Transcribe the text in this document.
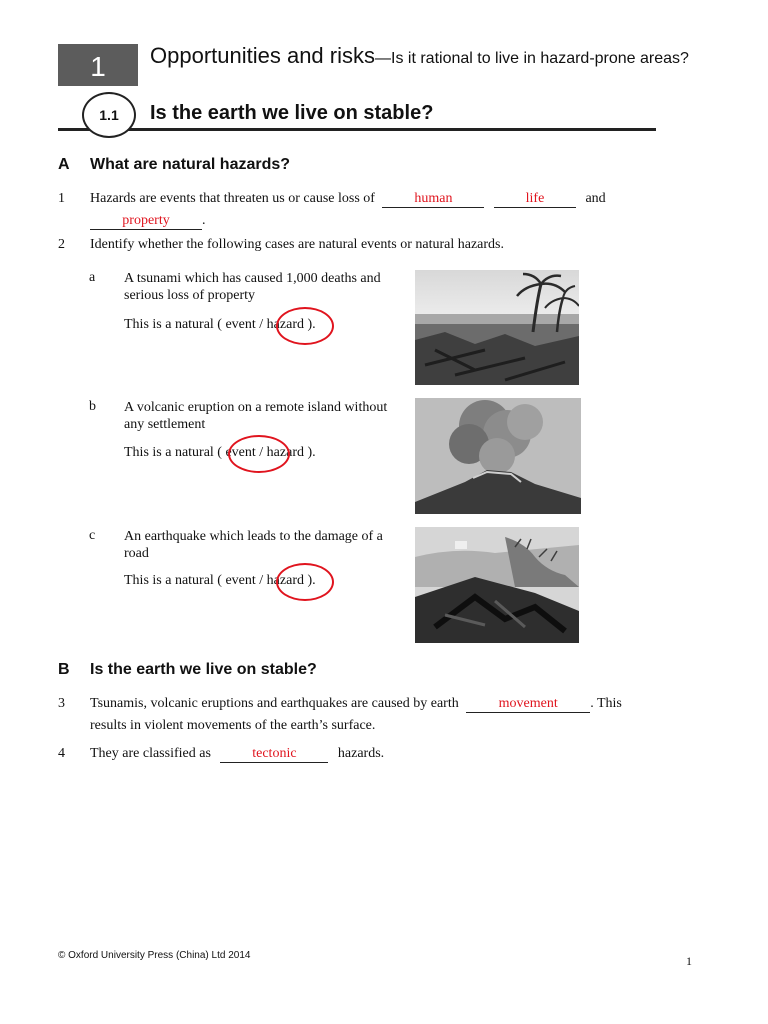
1	Opportunities and risks—Is it rational to live in hazard-prone areas?
1.1	Is the earth we live on stable?
A What are natural hazards?
1 Hazards are events that threaten us or cause loss of	human	life	and
property .
2 Identify whether the following cases are natural events or natural hazards.
a A tsunami which has caused 1,000 deaths and serious loss of property
This is a natural ( event / hazard ).
b A volcanic eruption on a remote island without any settlement
This is a natural ( event / hazard ).
c An earthquake which leads to the damage of a road
This is a natural ( event / hazard ).
B Is the earth we live on stable?
3 Tsunamis, volcanic eruptions and earthquakes are caused by earth	movement . This
results in violent movements of the earth’s surface.
4 They are classified as	tectonic	hazards.
© Oxford University Press (China) Ltd 2014	1
